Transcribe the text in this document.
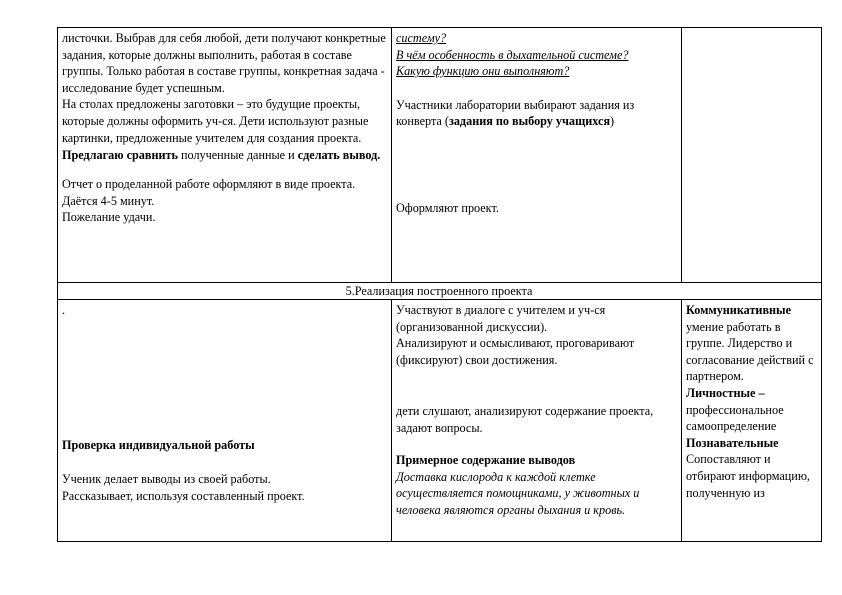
листочки. Выбрав для себя любой, дети получают конкретные задания, которые должны выполнить, работая в составе группы. Только работая в составе группы, конкретная задача - исследование будет успешным.

На столах предложены заготовки – это будущие проекты, которые должны оформить уч-ся. Дети используют разные картинки, предложенные учителем для создания проекта.

Предлагаю сравнить полученные данные и сделать вывод.

Отчет о проделанной работе оформляют в виде проекта. Даётся 4-5 минут.

Пожелание удачи.

систему?

В чём особенность в дыхательной системе?

Какую функцию они выполняют?

Участники лаборатории выбирают задания из конверта (задания по выбору учащихся)

Оформляют проект.
5.Реализация построенного проекта
.
Проверка индивидуальной работы

Ученик делает выводы из своей работы.

Рассказывает, используя составленный проект.

Участвуют в диалоге с учителем и уч-ся (организованной дискуссии).

Анализируют и осмысливают, проговаривают (фиксируют) свои достижения.

дети слушают, анализируют содержание проекта, задают вопросы.

Примерное содержание выводов

Доставка кислорода к каждой клетке осуществляется помощниками, у животных и человека являются органы дыхания и кровь.

Коммуникативные

умение работать в группе. Лидерство и согласование действий с партнером.

Личностные –

профессиональное самоопределение

Познавательные

Сопоставляют и отбирают информацию, полученную из
